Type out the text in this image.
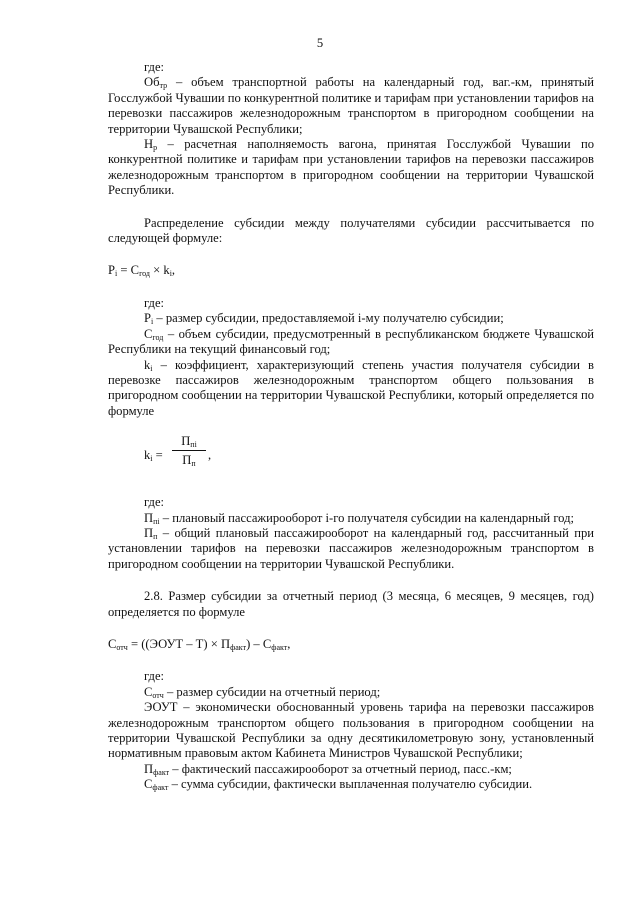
5

где:

$Об_{тр}$ – объем транспортной работы на календарный год, ваг.-км, принятый Госслужбой Чувашии по конкурентной политике и тарифам при установлении тарифов на перевозки пассажиров железнодорожным транспортом в пригородном сообщении на территории Чувашской Республики;

$Н_р$ – расчетная наполняемость вагона, принятая Госслужбой Чувашии по конкурентной политике и тарифам при установлении тарифов на перевозки пассажиров железнодорожным транспортом в пригородном сообщении на территории Чувашской Республики.

Распределение субсидии между получателями субсидии рассчитывается по следующей формуле:

$P_i = C_{год} \times k_i$,

где:

$Р_i$ – размер субсидии, предоставляемой i-му получателю субсидии;

$С_{год}$ – объем субсидии, предусмотренный в республиканском бюджете Чувашской Республики на текущий финансовый год;

$k_i$ – коэффициент, характеризующий степень участия получателя субсидии в перевозке пассажиров железнодорожным транспортом общего пользования в пригородном сообщении на территории Чувашской Республики, который определяется по формуле

$k_i$ =
$П_{пi}$
$П_п$
,

где:

$П_{пi}$ – плановый пассажирооборот i-го получателя субсидии на календарный год;

$П_п$ – общий плановый пассажирооборот на календарный год, рассчитанный при установлении тарифов на перевозки пассажиров железнодорожным транспортом в пригородном сообщении на территории Чувашской Республики.

2.8. Размер субсидии за отчетный период (3 месяца, 6 месяцев, 9 месяцев, год) определяется по формуле

$С_{отч}$ = ((ЭОУТ – $Т) \times П_{факт}) - С_{факт}$,

где:

$С_{отч}$ – размер субсидии на отчетный период;

ЭОУТ – экономически обоснованный уровень тарифа на перевозки пассажиров железнодорожным транспортом общего пользования в пригородном сообщении на территории Чувашской Республики за одну десятикилометровую зону, установленный нормативным правовым актом Кабинета Министров Чувашской Республики;

$П_{факт}$ – фактический пассажирооборот за отчетный период, пасс.-км;

$С_{факт}$ – сумма субсидии, фактически выплаченная получателю субсидии.
